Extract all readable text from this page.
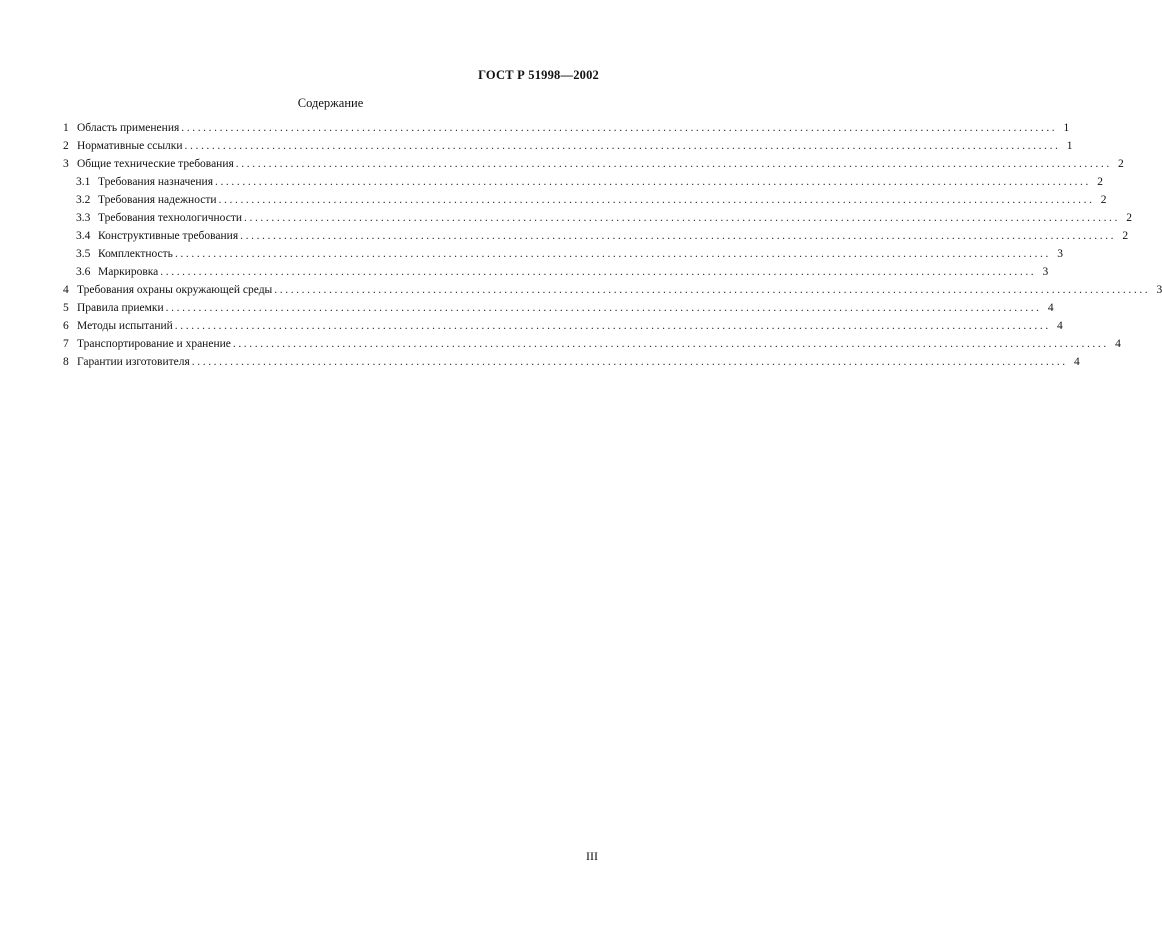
ГОСТ Р 51998—2002
Содержание
1 Область применения ................................................................................................................................................................ 1
2 Нормативные ссылки ................................................................................................................................................................ 1
3 Общие технические требования ................................................................................................................................................................ 2
3.1 Требования назначения ................................................................................................................................................................ 2
3.2 Требования надежности ................................................................................................................................................................ 2
3.3 Требования технологичности ................................................................................................................................................................ 2
3.4 Конструктивные требования ................................................................................................................................................................ 2
3.5 Комплектность ................................................................................................................................................................ 3
3.6 Маркировка ................................................................................................................................................................ 3
4 Требования охраны окружающей среды ................................................................................................................................................................ 3
5 Правила приемки ................................................................................................................................................................ 4
6 Методы испытаний ................................................................................................................................................................ 4
7 Транспортирование и хранение ................................................................................................................................................................ 4
8 Гарантии изготовителя ................................................................................................................................................................ 4
III
